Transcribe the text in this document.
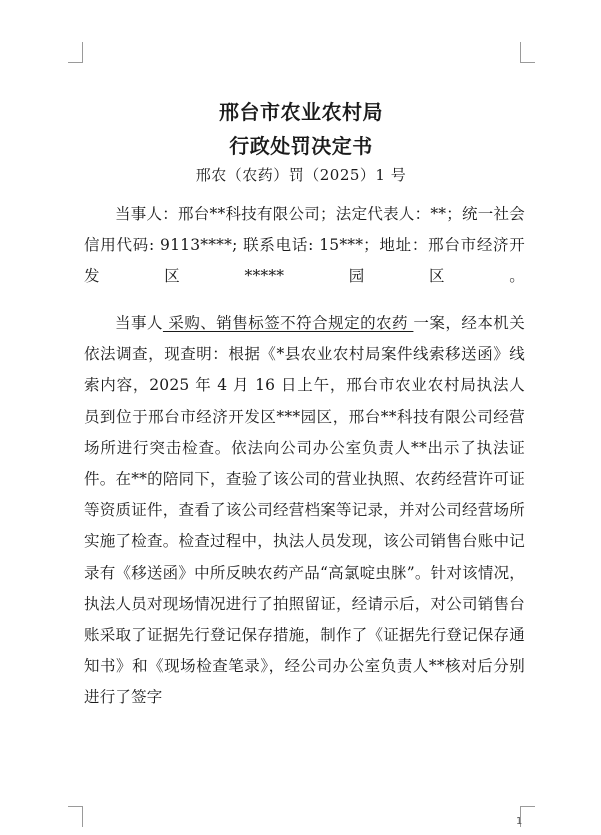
邢台市农业农村局
行政处罚决定书
邢农（农药）罚（2025）1 号

当事人：邢台**科技有限公司；法定代表人：**；统一社会信用代码: 9113****; 联系电话: 15***；地址：邢台市经济开发区*****园区。

当事人 采购、销售标签不符合规定的农药 一案，经本机关依法调查，现查明：根据《*县农业农村局案件线索移送函》线索内容，2025 年 4 月 16 日上午，邢台市农业农村局执法人员到位于邢台市经济开发区***园区，邢台**科技有限公司经营场所进行突击检查。依法向公司办公室负责人**出示了执法证件。在**的陪同下，查验了该公司的营业执照、农药经营许可证等资质证件，查看了该公司经营档案等记录，并对公司经营场所实施了检查。检查过程中，执法人员发现，该公司销售台账中记录有《移送函》中所反映农药产品“高氯啶虫脒”。针对该情况，执法人员对现场情况进行了拍照留证，经请示后，对公司销售台账采取了证据先行登记保存措施，制作了《证据先行登记保存通知书》和《现场检查笔录》，经公司办公室负责人**核对后分别进行了签字

1
